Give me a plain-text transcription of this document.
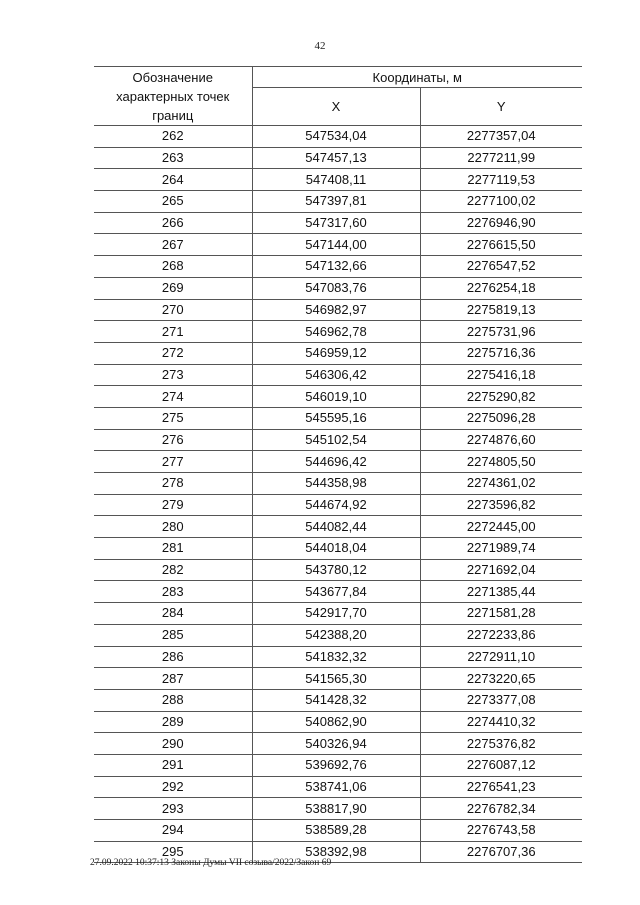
42
Обозначение характерных точек границ	Координаты, м	
	X	Y
262	547534,04	2277357,04
263	547457,13	2277211,99
264	547408,11	2277119,53
265	547397,81	2277100,02
266	547317,60	2276946,90
267	547144,00	2276615,50
268	547132,66	2276547,52
269	547083,76	2276254,18
270	546982,97	2275819,13
271	546962,78	2275731,96
272	546959,12	2275716,36
273	546306,42	2275416,18
274	546019,10	2275290,82
275	545595,16	2275096,28
276	545102,54	2274876,60
277	544696,42	2274805,50
278	544358,98	2274361,02
279	544674,92	2273596,82
280	544082,44	2272445,00
281	544018,04	2271989,74
282	543780,12	2271692,04
283	543677,84	2271385,44
284	542917,70	2271581,28
285	542388,20	2272233,86
286	541832,32	2272911,10
287	541565,30	2273220,65
288	541428,32	2273377,08
289	540862,90	2274410,32
290	540326,94	2275376,82
291	539692,76	2276087,12
292	538741,06	2276541,23
293	538817,90	2276782,34
294	538589,28	2276743,58
295	538392,98	2276707,36
27.09.2022 10:37:13 Законы Думы VII созыва/2022/Закон 69
